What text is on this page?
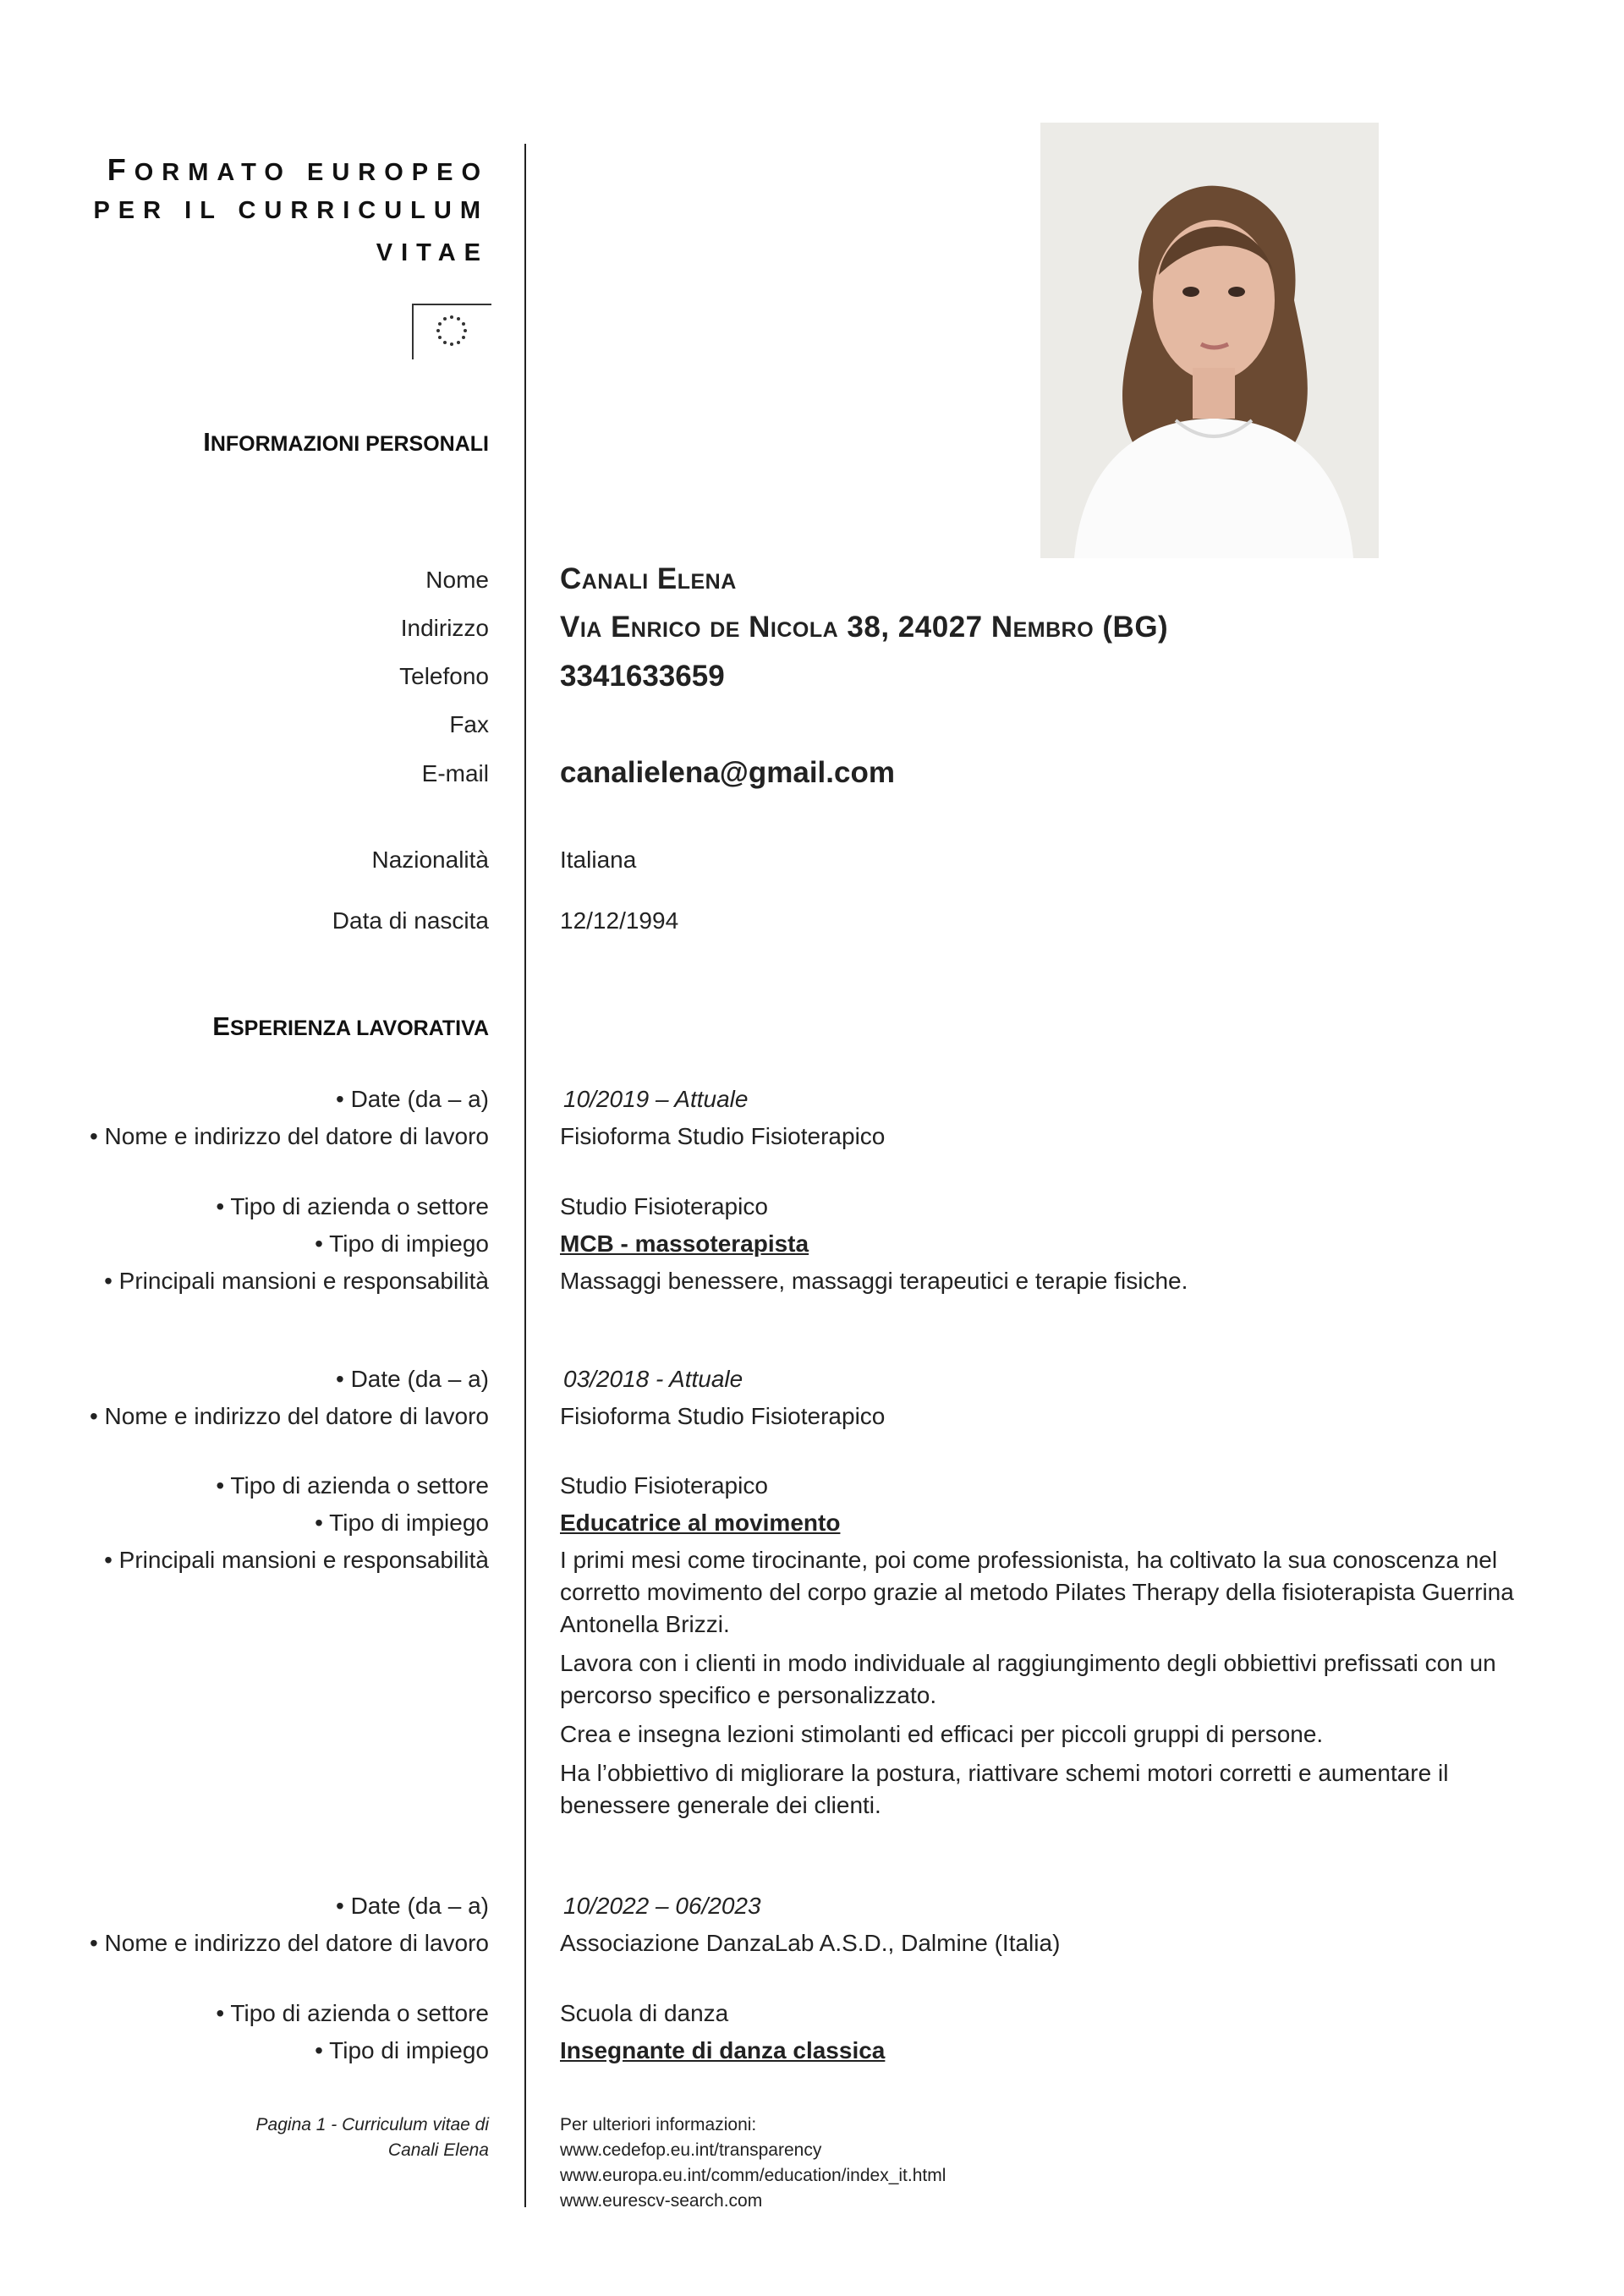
FORMATO EUROPEO
PER IL CURRICULUM
VITAE
INFORMAZIONI PERSONALI
Nome Canali Elena
Indirizzo Via Enrico de Nicola 38, 24027 Nembro (BG)
Telefono 3341633659
Fax
E-mail canalielena@gmail.com
Nazionalità	Italiana
Data di nascita	12/12/1994
ESPERIENZA LAVORATIVA
• Date (da – a)	10/2019 – Attuale
• Nome e indirizzo del datore di lavoro	Fisioforma Studio Fisioterapico
• Tipo di azienda o settore	Studio Fisioterapico
• Tipo di impiego	MCB - massoterapista
• Principali mansioni e responsabilità	Massaggi benessere, massaggi terapeutici e terapie fisiche.
• Date (da – a)	03/2018 - Attuale
• Nome e indirizzo del datore di lavoro	Fisioforma Studio Fisioterapico
• Tipo di azienda o settore	Studio Fisioterapico
• Tipo di impiego	Educatrice al movimento
• Principali mansioni e responsabilità	I primi mesi come tirocinante, poi come professionista, ha coltivato la sua conoscenza nel corretto movimento del corpo grazie al metodo Pilates Therapy della fisioterapista Guerrina Antonella Brizzi.

Lavora con i clienti in modo individuale al raggiungimento degli obbiettivi prefissati con un percorso specifico e personalizzato.

Crea e insegna lezioni stimolanti ed efficaci per piccoli gruppi di persone.

Ha l’obbiettivo di migliorare la postura, riattivare schemi motori corretti e aumentare il benessere generale dei clienti.

• Date (da – a)	10/2022 – 06/2023
• Nome e indirizzo del datore di lavoro	Associazione DanzaLab A.S.D., Dalmine (Italia)
• Tipo di azienda o settore	Scuola di danza
• Tipo di impiego	Insegnante di danza classica
Pagina 1 - Curriculum vitae di
Canali Elena
Per ulteriori informazioni:
www.cedefop.eu.int/transparency
www.europa.eu.int/comm/education/index_it.html
www.eurescv-search.com
